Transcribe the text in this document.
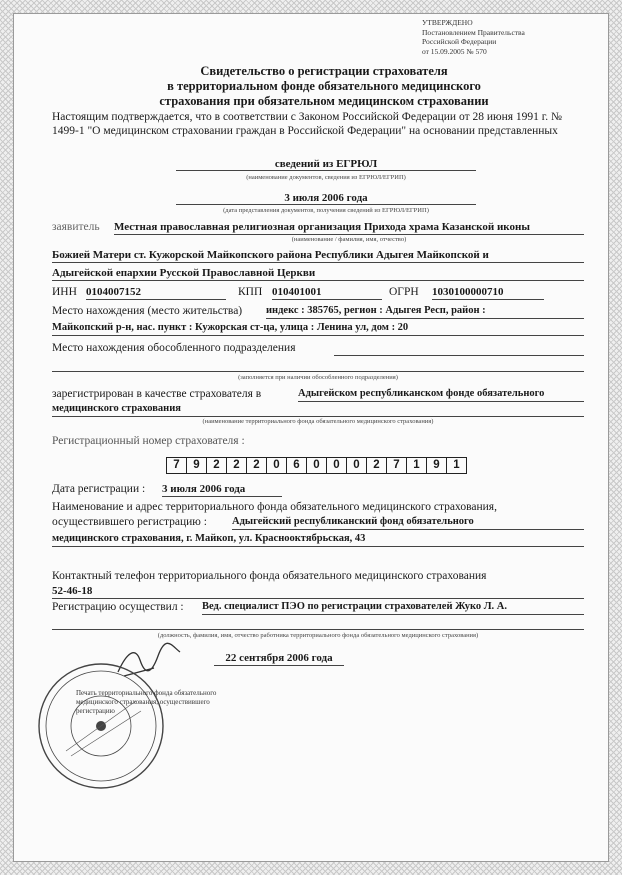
УТВЕРЖДЕНО
Постановлением Правительства
Российской Федерации
от 15.09.2005 № 570
Свидетельство о регистрации страхователя
в территориальном фонде обязательного медицинского
страхования при обязательном медицинском страховании
Настоящим подтверждается, что в соответствии с Законом Российской Федерации от 28 июня 1991 г. № 1499-1 "О медицинском страховании граждан в Российской Федерации" на основании представленных
сведений из ЕГРЮЛ
(наименование документов, сведения из ЕГРЮЛ/ЕГРИП)
3 июля 2006 года
(дата представления документов, получения сведений из ЕГРЮЛ/ЕГРИП)
заявитель Местная православная религиозная организация Прихода храма Казанской иконы
(наименование / фамилия, имя, отчество)
Божией Матери ст. Кужорской Майкопского района Республики Адыгея Майкопской и
Адыгейской епархии Русской Православной Церкви
ИНН 0104007152	КПП 010401001	ОГРН 1030100000710
Место нахождения (место жительства) индекс : 385765, регион : Адыгея Респ, район :
Майкопский р-н, нас. пункт : Кужорская ст-ца, улица : Ленина ул, дом : 20
Место нахождения обособленного подразделения
(заполняется при наличии обособленного подразделения)
зарегистрирован в качестве страхователя в	Адыгейском республиканском фонде обязательного
медицинского страхования
(наименование территориального фонда обязательного медицинского страхования)
Регистрационный номер страхователя :
7	9	2	2	2	0	6	0	0	0	2	7	1	9	1
Дата регистрации : 3 июля 2006 года
Наименование и адрес территориального фонда обязательного медицинского страхования,
осуществившего регистрацию : Адыгейский республиканский фонд обязательного
медицинского страхования, г. Майкоп, ул. Краснооктябрьская, 43
Контактный телефон территориального фонда обязательного медицинского страхования
52-46-18
Регистрацию осуществил : Вед. специалист ПЭО по регистрации страхователей Жуко Л. А.
(должность, фамилия, имя, отчество работника территориального фонда обязательного медицинского страхования)
22 сентября 2006 года
Печать территориального фонда обязательного
медицинского страхования, осуществившего
регистрацию
